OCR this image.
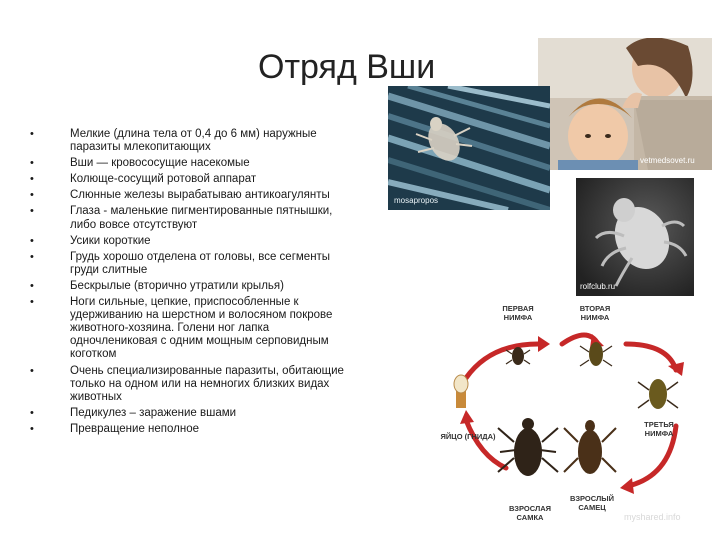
Отряд Вши
•	Мелкие (длина тела от 0,4 до 6 мм) наружные паразиты млекопитающих
•	Вши — кровососущие насекомые
•	Колюще-сосущий ротовой аппарат
•	Слюнные железы вырабатываю антикоагулянты
•	Глаза - маленькие пигментированные пятнышки, либо вовсе отсутствуют
•	Усики короткие
•	Грудь хорошо отделена от головы, все сегменты груди слитные
•	Бескрылые (вторично утратили крылья)
•	Ноги сильные, цепкие, приспособленные к удерживанию на шерстном и волосяном покрове животного-хозяина. Голени ног лапка одночлениковая с одним мощным серповидным коготком
•	Очень специализированные паразиты, обитающие только на одном или на немногих близких видах животных
•	Педикулез – заражение вшами
•	Превращение неполное
vetmedsovet.ru
mosapropos
rolfclub.ru
ПЕРВАЯ
НИМФА
ВТОРАЯ
НИМФА
ТРЕТЬЯ
НИМФА
ЯЙЦО (ГНИДА)
ВЗРОСЛАЯ
САМКА
ВЗРОСЛЫЙ
САМЕЦ
myshared.info
